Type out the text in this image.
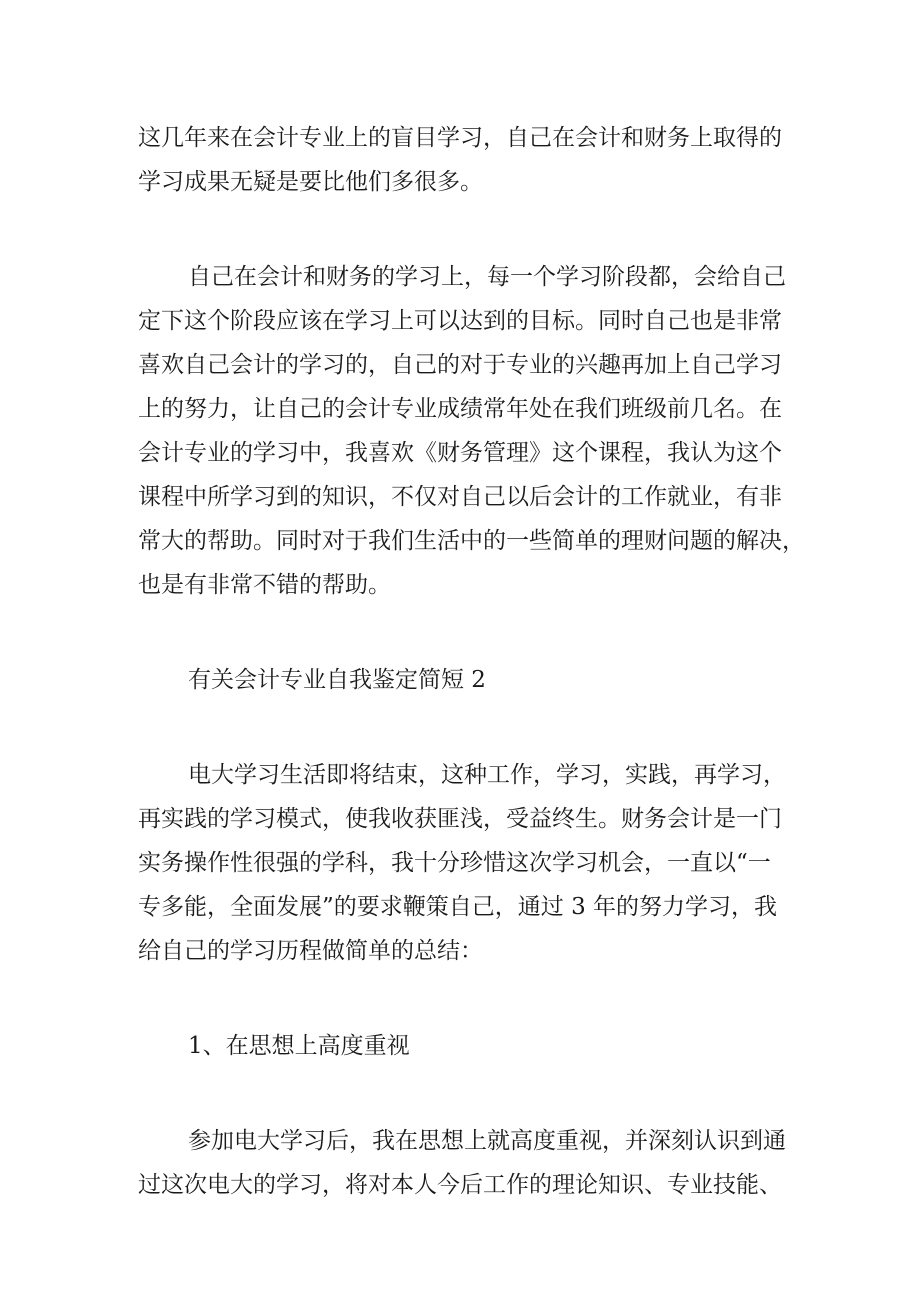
这几年来在会计专业上的盲目学习，自己在会计和财务上取得的
学习成果无疑是要比他们多很多。
自己在会计和财务的学习上，每一个学习阶段都，会给自己
定下这个阶段应该在学习上可以达到的目标。同时自己也是非常
喜欢自己会计的学习的，自己的对于专业的兴趣再加上自己学习
上的努力，让自己的会计专业成绩常年处在我们班级前几名。在
会计专业的学习中，我喜欢《财务管理》这个课程，我认为这个
课程中所学习到的知识，不仅对自己以后会计的工作就业，有非
常大的帮助。同时对于我们生活中的一些简单的理财问题的解决，
也是有非常不错的帮助。
有关会计专业自我鉴定简短 2
电大学习生活即将结束，这种工作，学习，实践，再学习，
再实践的学习模式，使我收获匪浅，受益终生。财务会计是一门
实务操作性很强的学科，我十分珍惜这次学习机会，一直以“一
专多能，全面发展”的要求鞭策自己，通过 3 年的努力学习，我
给自己的学习历程做简单的总结：
1、在思想上高度重视
参加电大学习后，我在思想上就高度重视，并深刻认识到通
过这次电大的学习，将对本人今后工作的理论知识、专业技能、
